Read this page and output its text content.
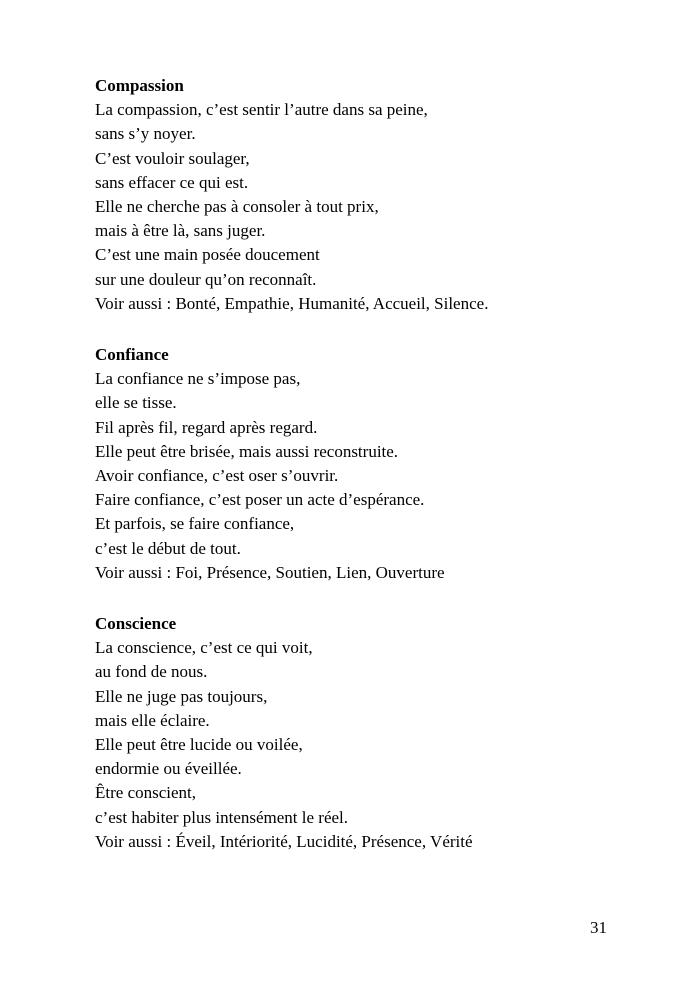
Compassion

La compassion, c’est sentir l’autre dans sa peine,

sans s’y noyer.

C’est vouloir soulager,

sans effacer ce qui est.

Elle ne cherche pas à consoler à tout prix,

mais à être là, sans juger.

C’est une main posée doucement

sur une douleur qu’on reconnaît.

Voir aussi : Bonté, Empathie, Humanité, Accueil, Silence.

Confiance

La confiance ne s’impose pas,

elle se tisse.

Fil après fil, regard après regard.

Elle peut être brisée, mais aussi reconstruite.

Avoir confiance, c’est oser s’ouvrir.

Faire confiance, c’est poser un acte d’espérance.

Et parfois, se faire confiance,

c’est le début de tout.

Voir aussi : Foi, Présence, Soutien, Lien, Ouverture

Conscience

La conscience, c’est ce qui voit,

au fond de nous.

Elle ne juge pas toujours,

mais elle éclaire.

Elle peut être lucide ou voilée,

endormie ou éveillée.

Être conscient,

c’est habiter plus intensément le réel.

Voir aussi : Éveil, Intériorité, Lucidité, Présence, Vérité

31
